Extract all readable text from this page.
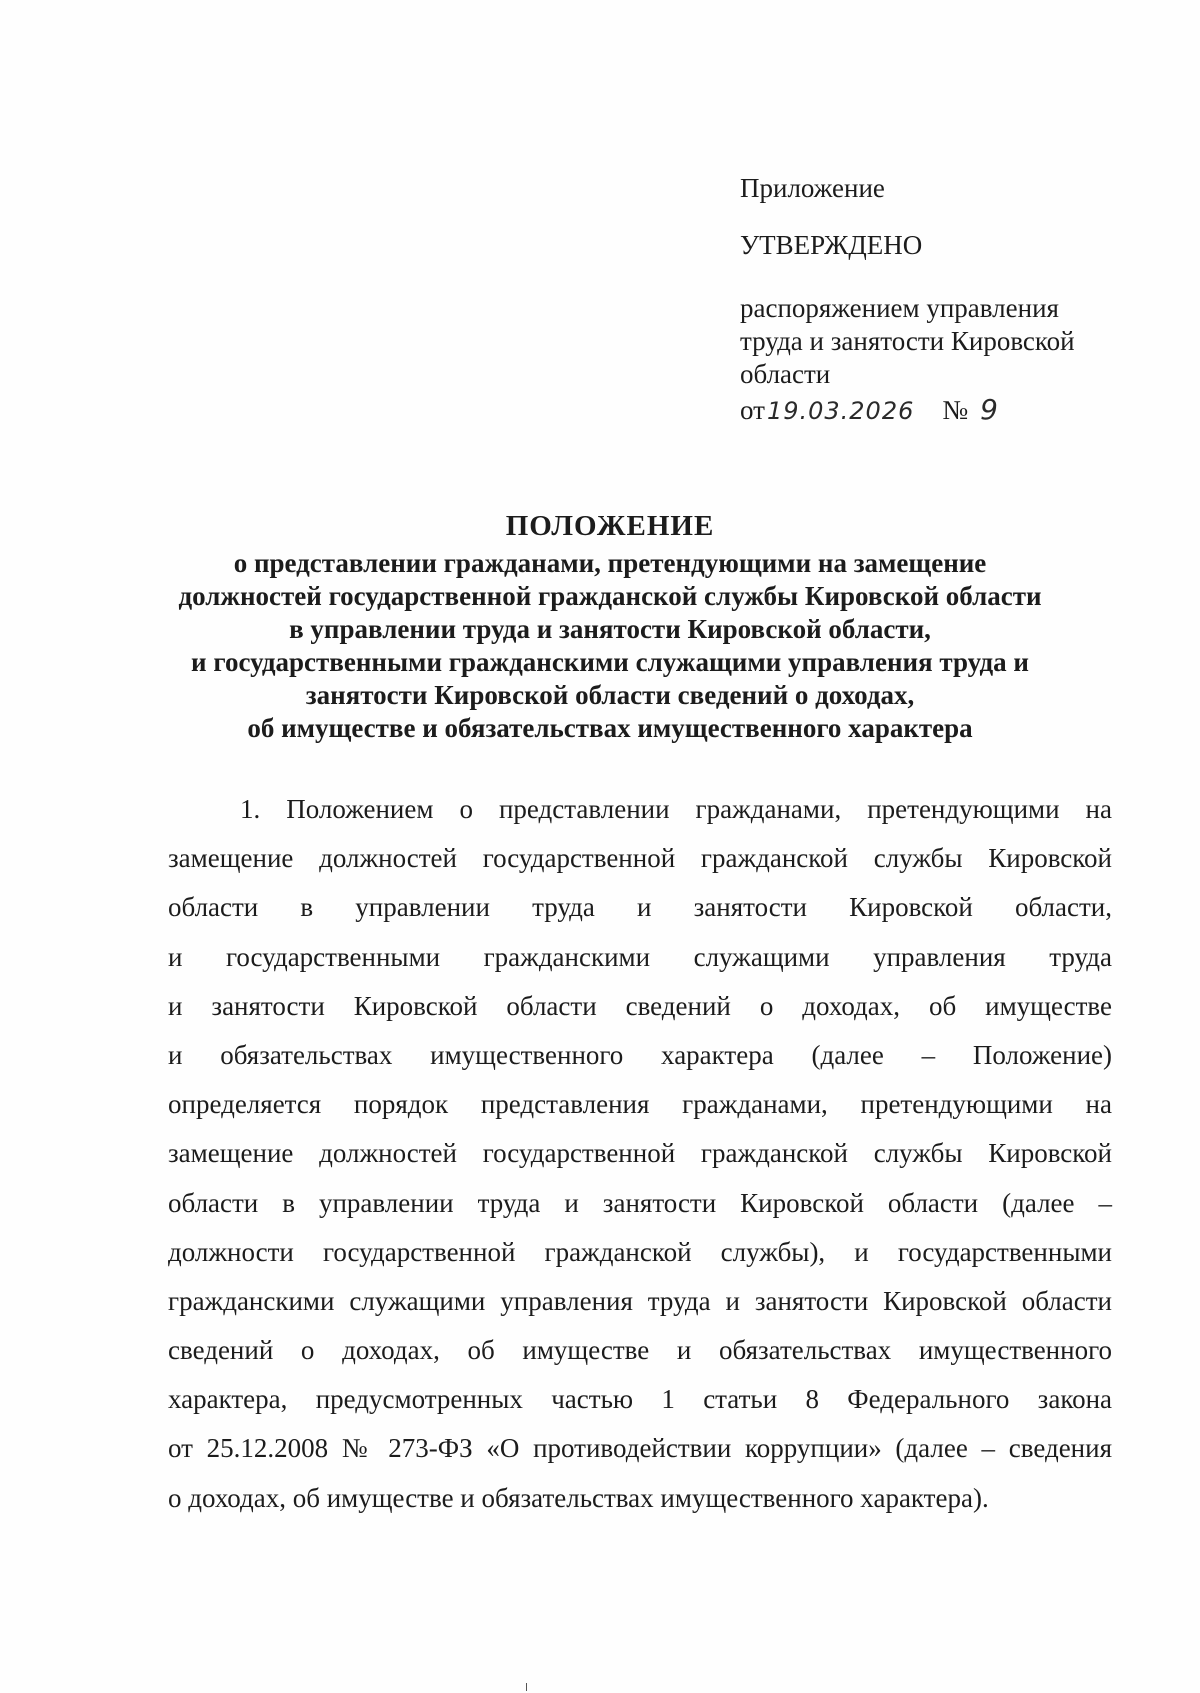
Приложение

УТВЕРЖДЕНО

распоряжением управления
труда и занятости Кировской
области

от19.03.2026 № 9
ПОЛОЖЕНИЕ
о представлении гражданами, претендующими на замещение
должностей государственной гражданской службы Кировской области
в управлении труда и занятости Кировской области,
и государственными гражданскими служащими управления труда и
занятости Кировской области сведений о доходах,
об имуществе и обязательствах имущественного характера
1. Положением о представлении гражданами, претендующими на
замещение должностей государственной гражданской службы Кировской
области в управлении труда и занятости Кировской области,
и государственными гражданскими служащими управления труда
и занятости Кировской области сведений о доходах, об имуществе
и обязательствах имущественного характера (далее – Положение)
определяется порядок представления гражданами, претендующими на
замещение должностей государственной гражданской службы Кировской
области в управлении труда и занятости Кировской области (далее –
должности государственной гражданской службы), и государственными
гражданскими служащими управления труда и занятости Кировской области
сведений о доходах, об имуществе и обязательствах имущественного
характера, предусмотренных частью 1 статьи 8 Федерального закона
от 25.12.2008 № 273-ФЗ «О противодействии коррупции» (далее – сведения
о доходах, об имуществе и обязательствах имущественного характера).
